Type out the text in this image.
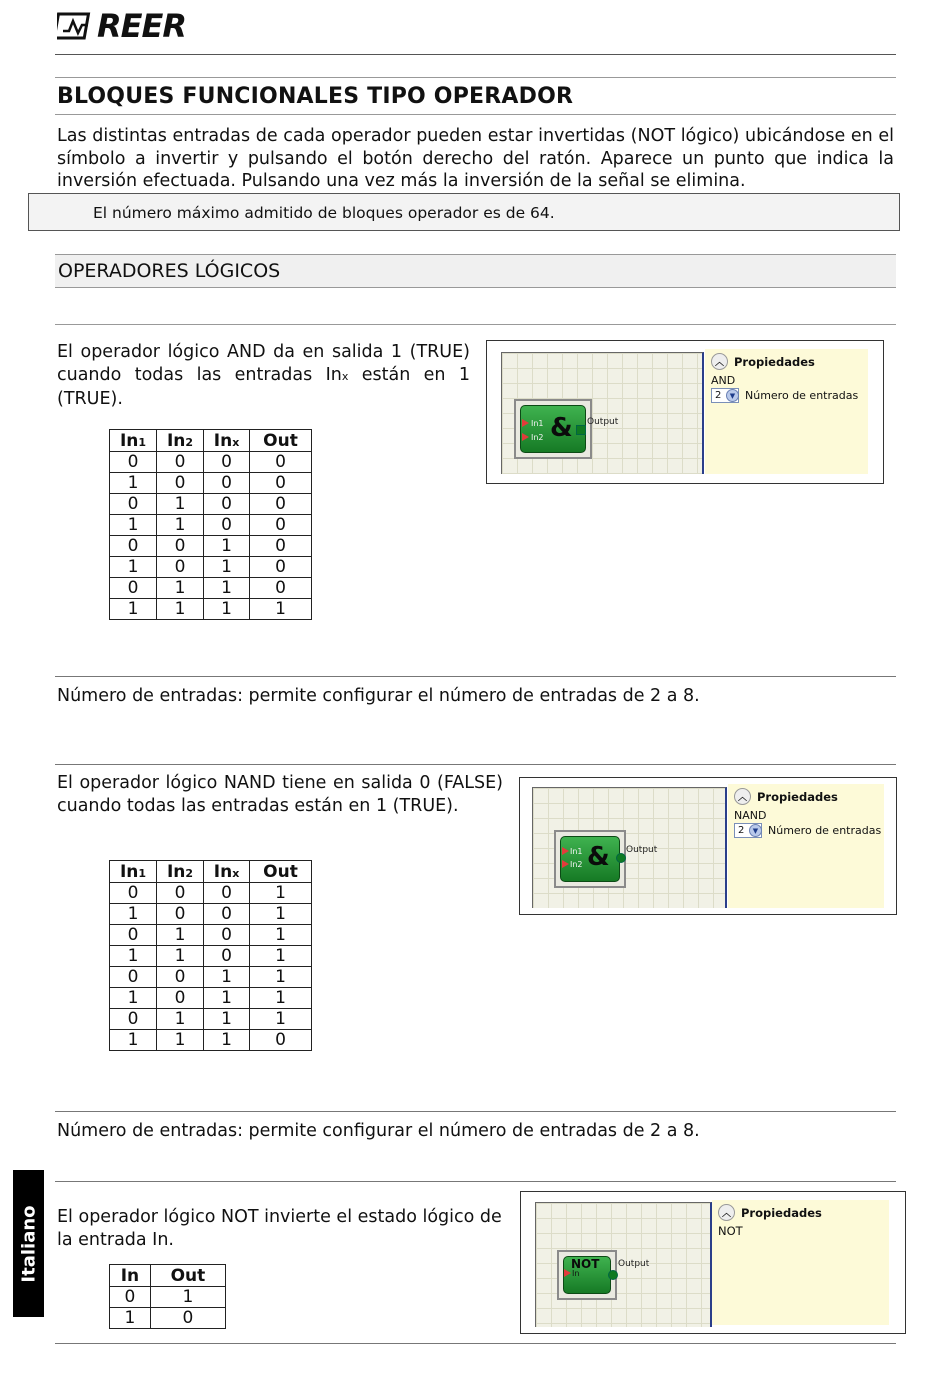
REER
BLOQUES FUNCIONALES TIPO OPERADOR
Las distintas entradas de cada operador pueden estar invertidas (NOT lógico) ubicándose en el símbolo a invertir y pulsando el botón derecho del ratón. Aparece un punto que indica la inversión efectuada. Pulsando una vez más la inversión de la señal se elimina.
El número máximo admitido de bloques operador es de 64.
OPERADORES LÓGICOS
El operador lógico AND da en salida 1 (TRUE) cuando todas las entradas Inx están en 1 (TRUE).
In1	In2	Inx	Out
0	0	0	0
1	0	0	0
0	1	0	0
1	1	0	0
0	0	1	0
1	0	1	0
0	1	1	0
1	1	1	1
In1
In2 & Output
︿ Propiedades
AND
2	▼ Número de entradas
Número de entradas: permite configurar el número de entradas de 2 a 8.
El operador lógico NAND tiene en salida 0 (FALSE) cuando todas las entradas están en 1 (TRUE).
In1	In2	Inx	Out
0	0	0	1
1	0	0	1
0	1	0	1
1	1	0	1
0	0	1	1
1	0	1	1
0	1	1	1
1	1	1	0
In1
In2 & Output
︿ Propiedades
NAND
2	▼ Número de entradas
Número de entradas: permite configurar el número de entradas de 2 a 8.
El operador lógico NOT invierte el estado lógico de la entrada In.
In	Out
0	1
1	0
NOT
In
Output
︿ Propiedades
NOT
Italiano
